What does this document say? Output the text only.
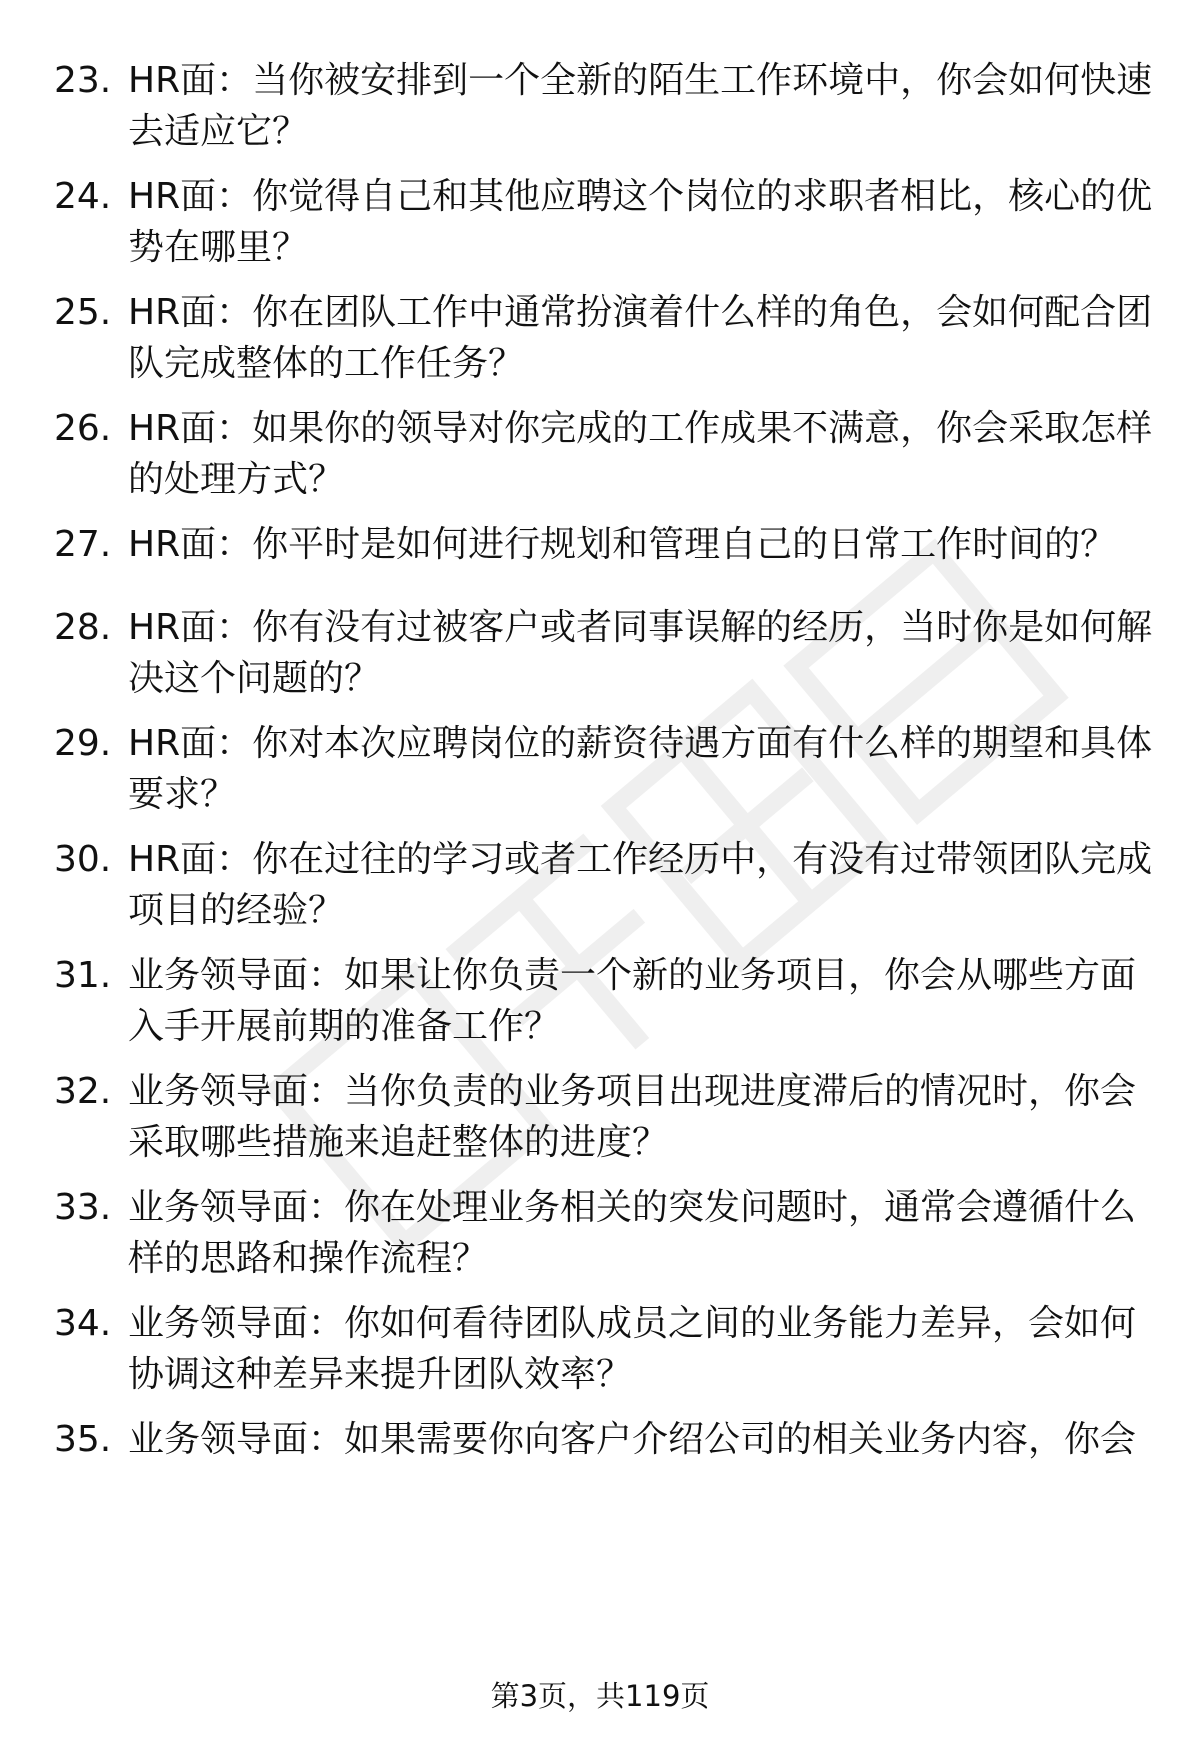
23. HR面：当你被安排到一个全新的陌生工作环境中，你会如何快速去适应它？
24. HR面：你觉得自己和其他应聘这个岗位的求职者相比，核心的优势在哪里？
25. HR面：你在团队工作中通常扮演着什么样的角色，会如何配合团队完成整体的工作任务？
26. HR面：如果你的领导对你完成的工作成果不满意，你会采取怎样的处理方式？
27. HR面：你平时是如何进行规划和管理自己的日常工作时间的？
28. HR面：你有没有过被客户或者同事误解的经历，当时你是如何解决这个问题的？
29. HR面：你对本次应聘岗位的薪资待遇方面有什么样的期望和具体要求？
30. HR面：你在过往的学习或者工作经历中，有没有过带领团队完成项目的经验？
31. 业务领导面：如果让你负责一个新的业务项目，你会从哪些方面入手开展前期的准备工作？
32. 业务领导面：当你负责的业务项目出现进度滞后的情况时，你会采取哪些措施来追赶整体的进度？
33. 业务领导面：你在处理业务相关的突发问题时，通常会遵循什么样的思路和操作流程？
34. 业务领导面：你如何看待团队成员之间的业务能力差异，会如何协调这种差异来提升团队效率？
35. 业务领导面：如果需要你向客户介绍公司的相关业务内容，你会
第3页，共119页
